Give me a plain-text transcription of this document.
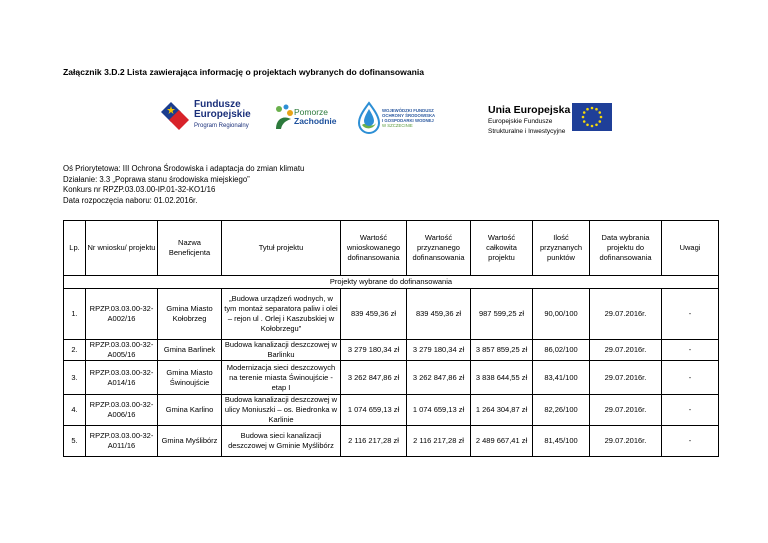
Załącznik 3.D.2 Lista zawierająca informację o projektach wybranych do dofinansowania
Fundusze
Europejskie
Program Regionalny
Pomorze
Zachodnie
WOJEWÓDZKI FUNDUSZ
OCHRONY ŚRODOWISKA
I GOSPODARKI WODNEJ
W SZCZECINIE
Unia Europejska
Europejskie Fundusze
Strukturalne i Inwestycyjne
Oś Priorytetowa: III Ochrona Środowiska i adaptacja do zmian klimatu
Działanie: 3.3 „Poprawa stanu środowiska miejskiego”
Konkurs nr RPZP.03.03.00-IP.01-32-KO1/16
Data rozpoczęcia naboru: 01.02.2016r.
Lp.	Nr wniosku/ projektu	Nazwa Beneficjenta	Tytuł projektu	Wartość wnioskowanego dofinansowania	Wartość przyznanego dofinansowania	Wartość całkowita projektu	Ilość przyznanych punktów	Data wybrania projektu do dofinansowania	Uwagi
Projekty wybrane do dofinansowania									
1.	RPZP.03.03.00-32-A002/16	Gmina Miasto Kołobrzeg	„Budowa urządzeń wodnych, w tym montaż separatora paliw i olei – rejon ul . Orlej i Kaszubskiej w Kołobrzegu”	839 459,36 zł	839 459,36 zł	987 599,25 zł	90,00/100	29.07.2016r.	-
2.	RPZP.03.03.00-32-A005/16	Gmina Barlinek	Budowa kanalizacji deszczowej w Barlinku	3 279 180,34 zł	3 279 180,34 zł	3 857 859,25 zł	86,02/100	29.07.2016r.	-
3.	RPZP.03.03.00-32-A014/16	Gmina Miasto Świnoujście	Modernizacja sieci deszczowych na terenie miasta Świnoujście - etap I	3 262 847,86 zł	3 262 847,86 zł	3 838 644,55 zł	83,41/100	29.07.2016r.	-
4.	RPZP.03.03.00-32-A006/16	Gmina Karlino	Budowa kanalizacji deszczowej w ulicy Moniuszki – os. Biedronka w Karlinie	1 074 659,13 zł	1 074 659,13 zł	1 264 304,87 zł	82,26/100	29.07.2016r.	-
5.	RPZP.03.03.00-32-A011/16	Gmina Myślibórz	Budowa sieci kanalizacji deszczowej w Gminie Myślibórz	2 116 217,28 zł	2 116 217,28 zł	2 489 667,41 zł	81,45/100	29.07.2016r.	-
